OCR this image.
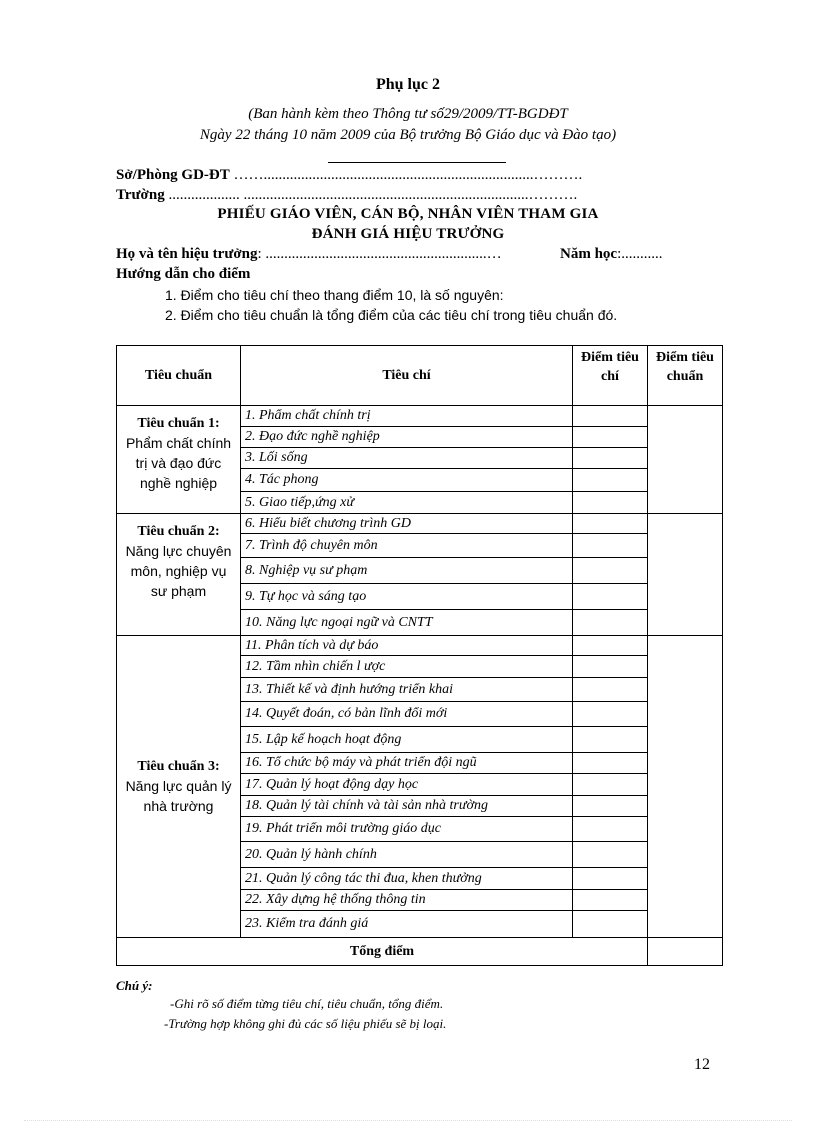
Phụ lục 2
(Ban hành kèm theo Thông tư số29/2009/TT-BGDĐT
Ngày 22 tháng 10 năm 2009 của Bộ trưởng Bộ Giáo dục và Đào tạo)
Sở/Phòng GD-ĐT ……........................................................................……….
Trường ................... ............................................................................……….
PHIẾU GIÁO VIÊN, CÁN BỘ, NHÂN VIÊN THAM GIA
ĐÁNH GIÁ HIỆU TRƯỞNG
Họ và tên hiệu trưởng: ...........................................................…	Năm học:...........
Hướng dẫn cho điểm
1. Điểm cho tiêu chí theo thang điểm 10, là số nguyên:
2. Điểm cho tiêu chuẩn là tổng điểm của các tiêu chí trong tiêu chuẩn đó.
Tiêu chuẩn	Tiêu chí	Điểm tiêu chí	Điểm tiêu chuẩn

Tiêu chuẩn 1:
Phẩm chất chính trị và đạo đức nghề nghiệp	1. Phẩm chất chính trị		
	2. Đạo đức nghề nghiệp		
	3. Lối sống		
	4. Tác phong		
	5. Giao tiếp,ứng xử		

Tiêu chuẩn 2:
Năng lực chuyên môn, nghiệp vụ sư phạm	6. Hiểu biết chương trình GD		
	7. Trình độ chuyên môn		
	8. Nghiệp vụ sư phạm		
	9. Tự học và sáng tạo		
	10. Năng lực ngoại ngữ và CNTT		

Tiêu chuẩn 3:
Năng lực quản lý nhà trường	11. Phân tích và dự báo		
	12. Tầm nhìn chiến l ược		
	13. Thiết kế và định hướng triển khai		
	14. Quyết đoán, có bản lĩnh đổi mới		
	15. Lập kế hoạch hoạt động		
	16. Tổ chức bộ máy và phát triển đội ngũ		
	17. Quản lý hoạt động dạy học		
	18. Quản lý tài chính và tài sản nhà trường		
	19. Phát triển môi trường giáo dục		
	20. Quản lý hành chính		
	21. Quản lý công tác thi đua, khen thưởng		
	22. Xây dựng hệ thống thông tin		
	23. Kiểm tra đánh giá		
Tổng điểm			
Chú ý:
-Ghi rõ số điểm từng tiêu chí, tiêu chuẩn, tổng điểm.
-Trường hợp không ghi đủ các số liệu phiếu sẽ bị loại.
12
